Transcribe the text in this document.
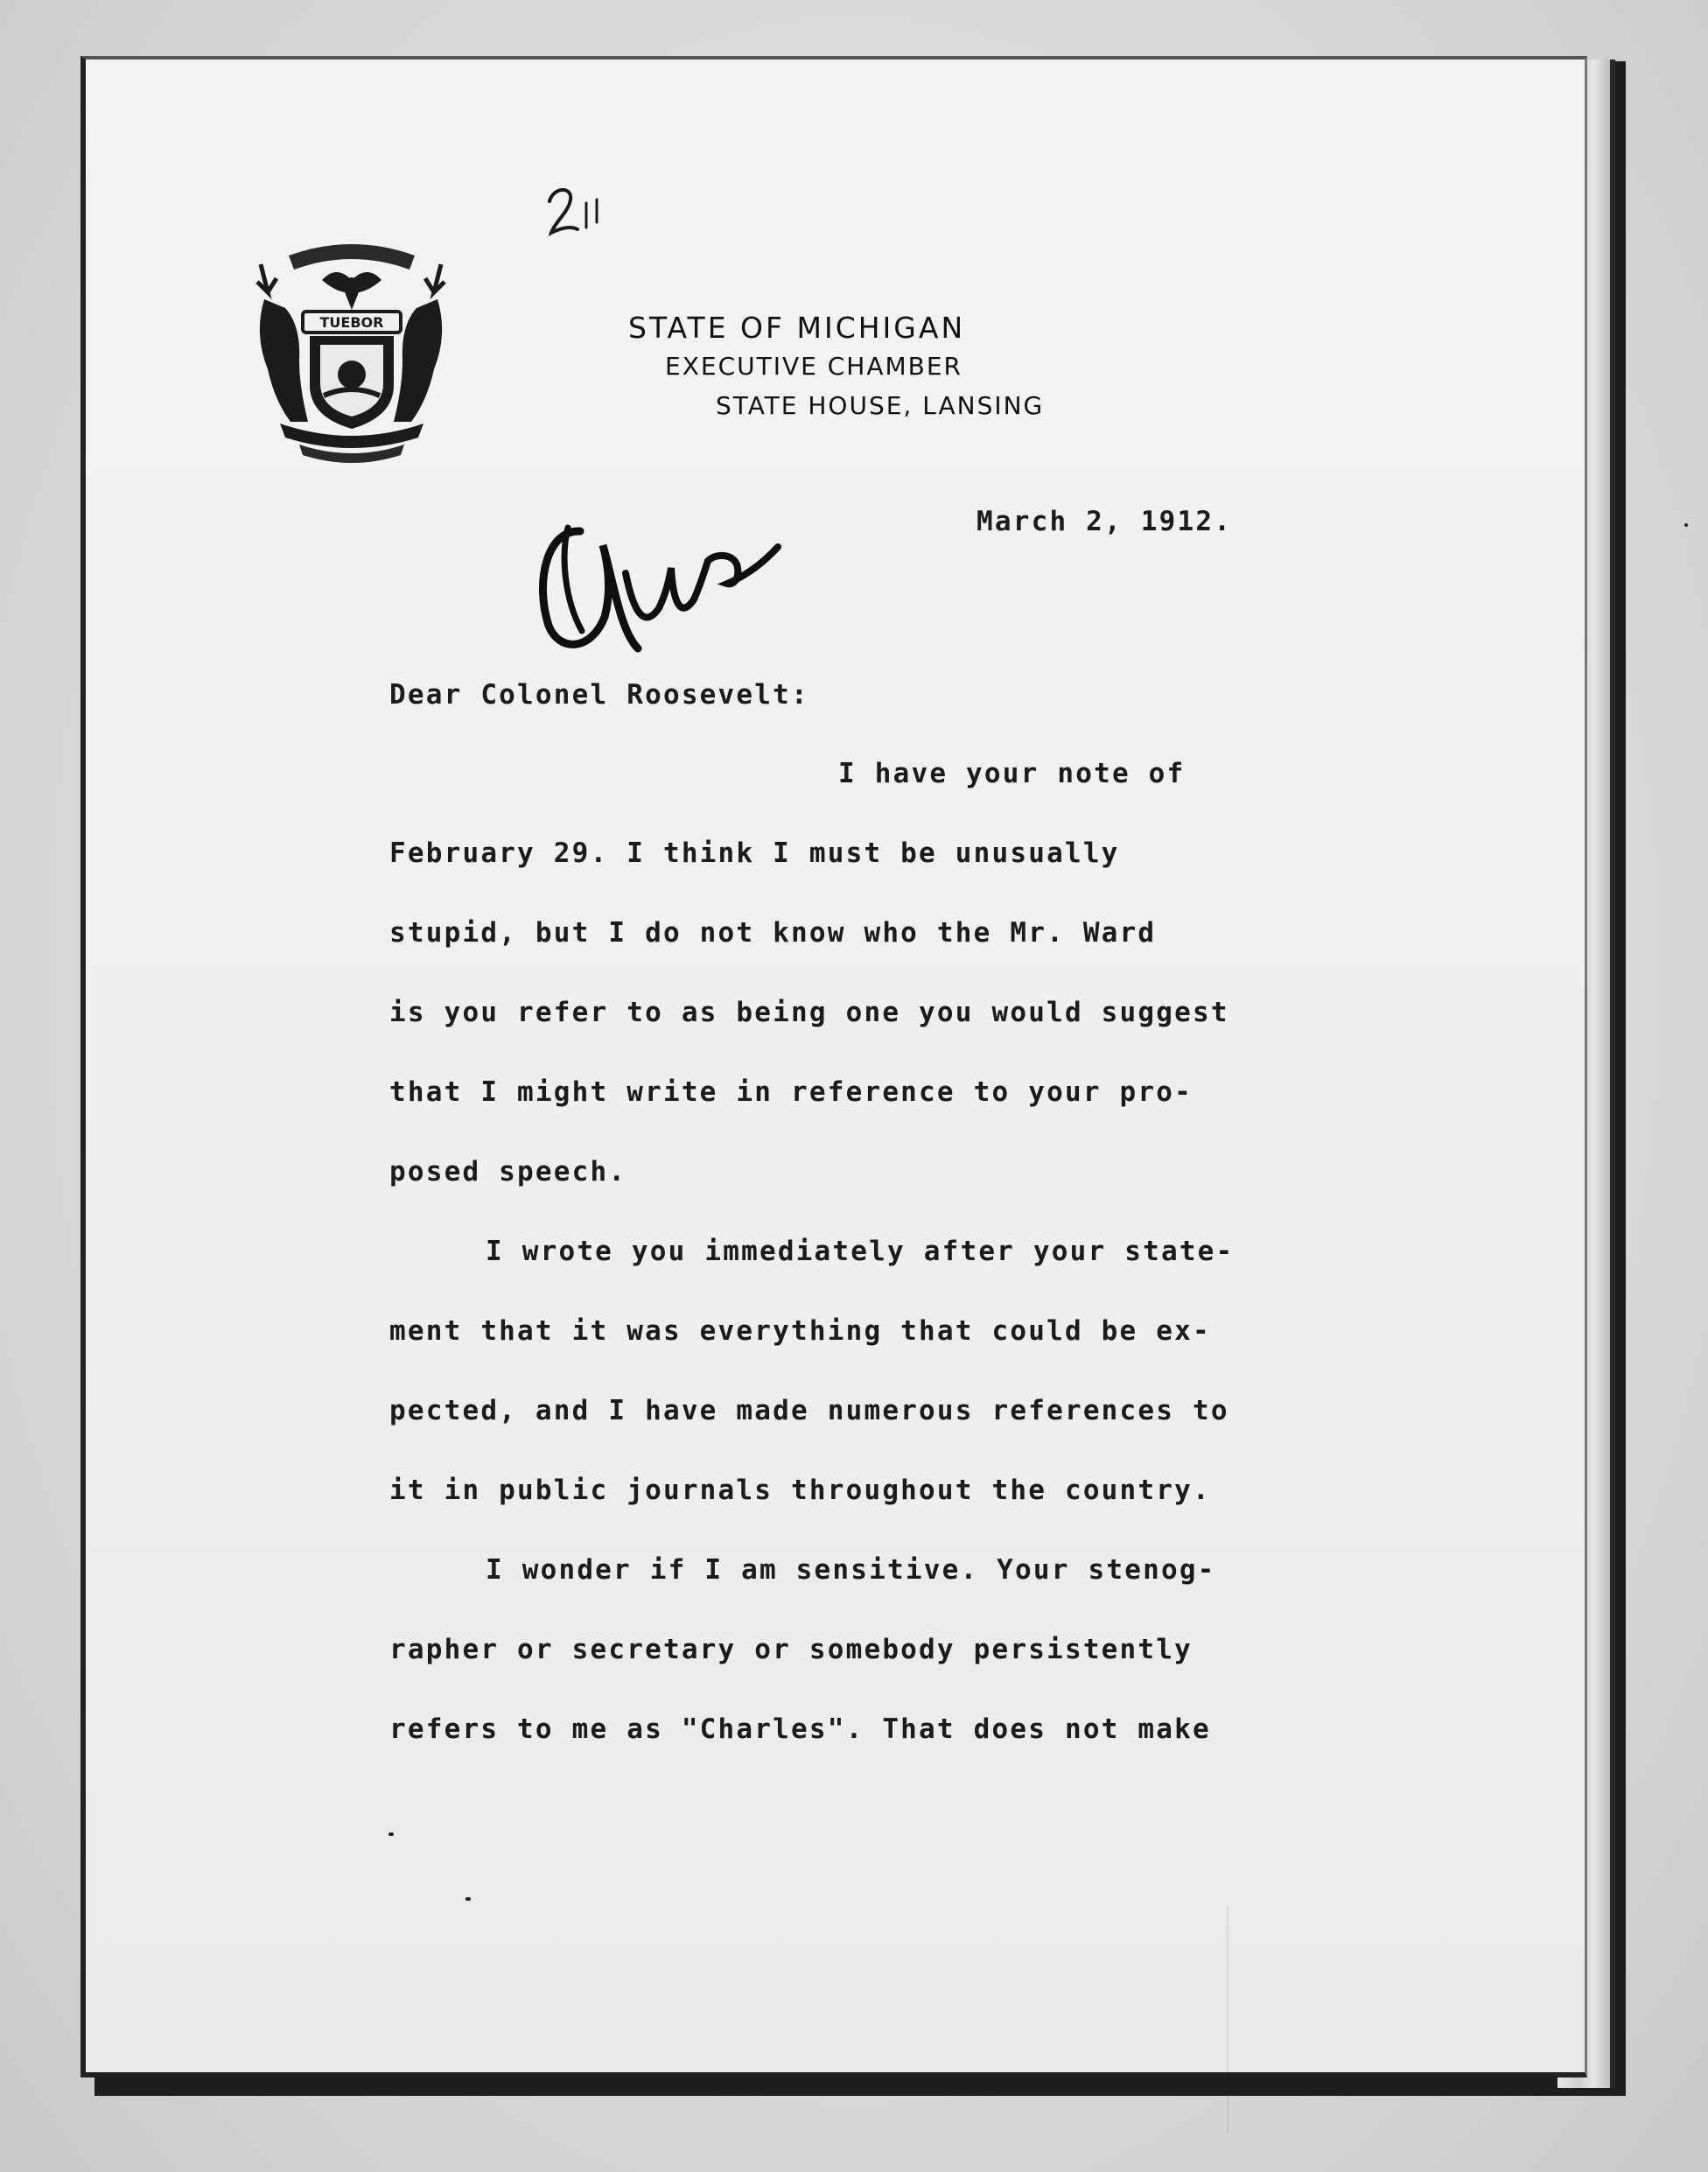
TUEBOR	STATE OF MICHIGAN
EXECUTIVE CHAMBER
STATE HOUSE, LANSING
March 2, 1912.
Dear Colonel Roosevelt:
I have your note of
February 29. I think I must be unusually
stupid, but I do not know who the Mr. Ward
is you refer to as being one you would suggest
that I might write in reference to your pro-
posed speech.
I wrote you immediately after your state-
ment that it was everything that could be ex-
pected, and I have made numerous references to
it in public journals throughout the country.
I wonder if I am sensitive. Your stenog-
rapher or secretary or somebody persistently
refers to me as "Charles". That does not make
